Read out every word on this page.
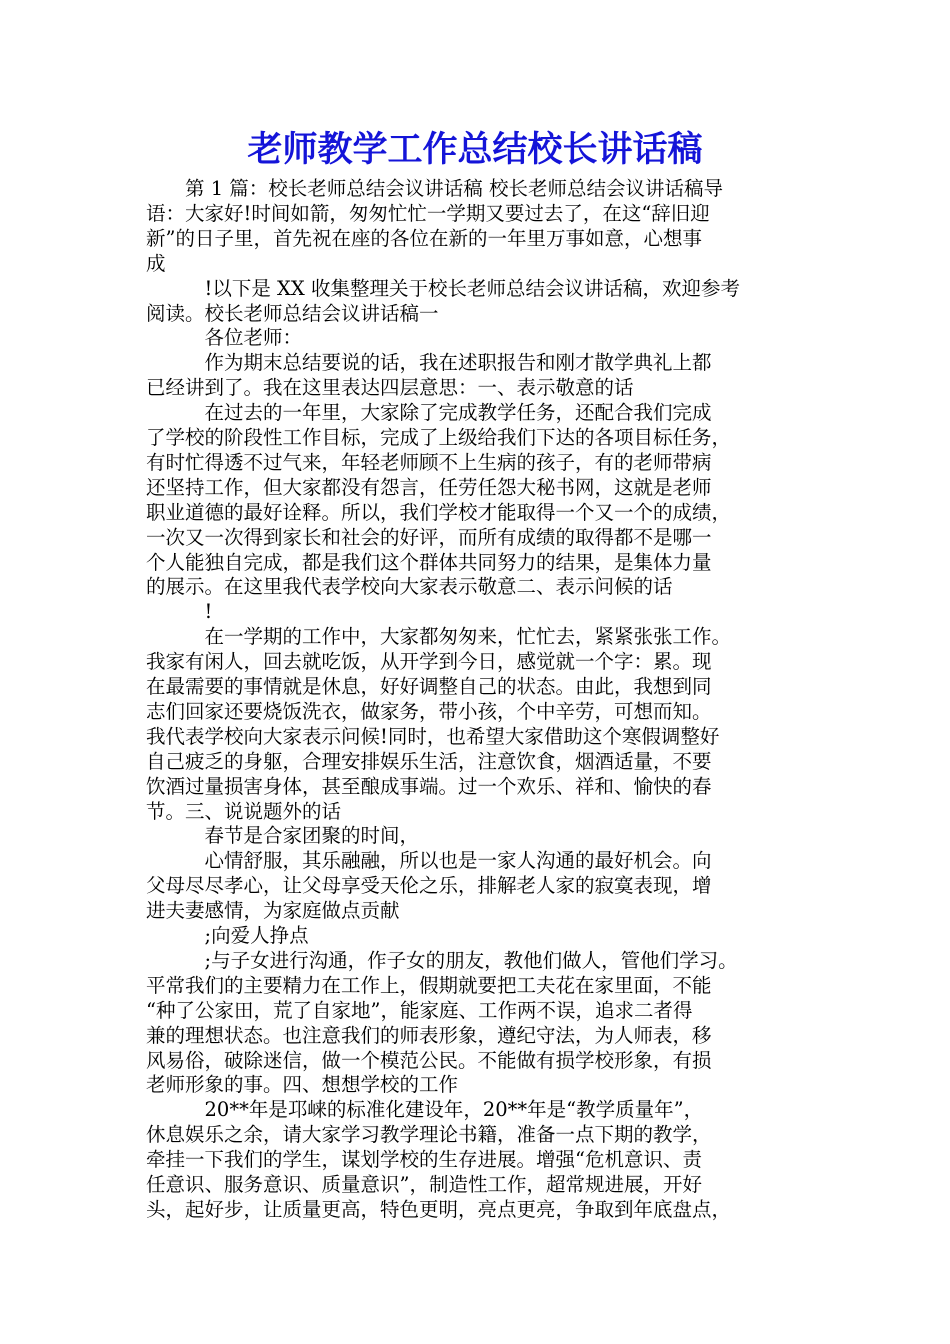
老师教学工作总结校长讲话稿
　　第 1 篇：校长老师总结会议讲话稿 校长老师总结会议讲话稿导
语：大家好!时间如箭，匆匆忙忙一学期又要过去了，在这“辞旧迎
新”的日子里，首先祝在座的各位在新的一年里万事如意，心想事
成
　　　!以下是 XX 收集整理关于校长老师总结会议讲话稿，欢迎参考
阅读。校长老师总结会议讲话稿一
　　　各位老师：
　　　作为期末总结要说的话，我在述职报告和刚才散学典礼上都
已经讲到了。我在这里表达四层意思：一、表示敬意的话
　　　在过去的一年里，大家除了完成教学任务，还配合我们完成
了学校的阶段性工作目标，完成了上级给我们下达的各项目标任务，
有时忙得透不过气来，年轻老师顾不上生病的孩子，有的老师带病
还坚持工作，但大家都没有怨言，任劳任怨大秘书网，这就是老师
职业道德的最好诠释。所以，我们学校才能取得一个又一个的成绩，
一次又一次得到家长和社会的好评，而所有成绩的取得都不是哪一
个人能独自完成，都是我们这个群体共同努力的结果，是集体力量
的展示。在这里我代表学校向大家表示敬意二、表示问候的话
　　　!
　　　在一学期的工作中，大家都匆匆来，忙忙去，紧紧张张工作。
我家有闲人，回去就吃饭，从开学到今日，感觉就一个字：累。现
在最需要的事情就是休息，好好调整自己的状态。由此，我想到同
志们回家还要烧饭洗衣，做家务，带小孩，个中辛劳，可想而知。
我代表学校向大家表示问候!同时，也希望大家借助这个寒假调整好
自己疲乏的身躯，合理安排娱乐生活，注意饮食，烟酒适量，不要
饮酒过量损害身体，甚至酿成事端。过一个欢乐、祥和、愉快的春
节。三、说说题外的话
　　　春节是合家团聚的时间，
　　　心情舒服，其乐融融，所以也是一家人沟通的最好机会。向
父母尽尽孝心，让父母享受天伦之乐，排解老人家的寂寞表现，增
进夫妻感情，为家庭做点贡献
　　　;向爱人挣点
　　　;与子女进行沟通，作子女的朋友，教他们做人，管他们学习。
平常我们的主要精力在工作上，假期就要把工夫花在家里面，不能
“种了公家田，荒了自家地”，能家庭、工作两不误，追求二者得
兼的理想状态。也注意我们的师表形象，遵纪守法，为人师表，移
风易俗，破除迷信，做一个模范公民。不能做有损学校形象，有损
老师形象的事。四、想想学校的工作
　　　20**年是邛崃的标准化建设年，20**年是“教学质量年”，
休息娱乐之余，请大家学习教学理论书籍，准备一点下期的教学，
牵挂一下我们的学生，谋划学校的生存进展。增强“危机意识、责
任意识、服务意识、质量意识”，制造性工作，超常规进展，开好
头，起好步，让质量更高，特色更明，亮点更亮，争取到年底盘点，
